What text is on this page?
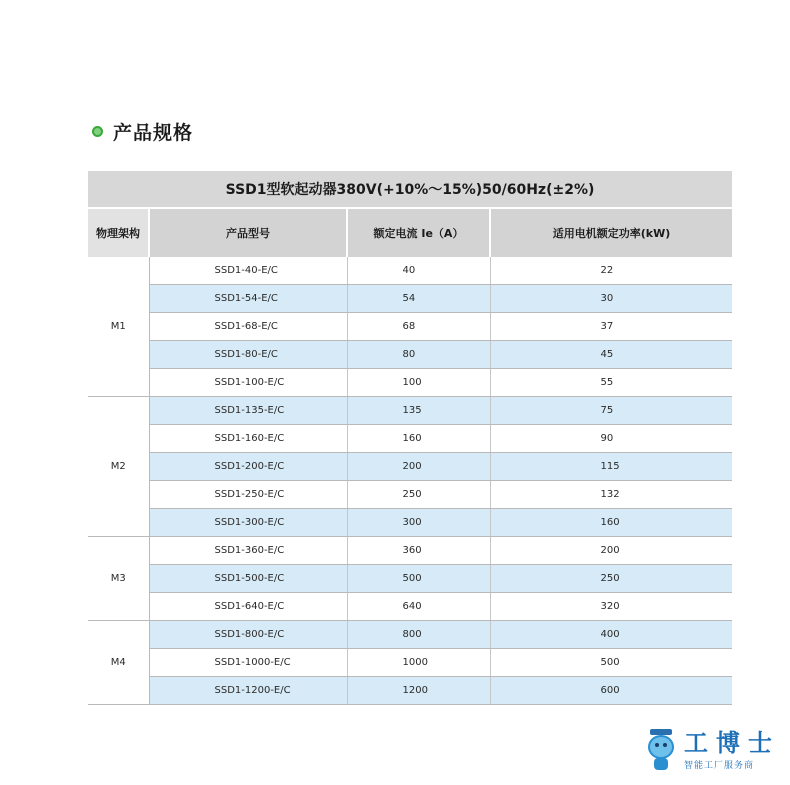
产品规格
SSD1型软起动器380V(+10%～15%)50/60Hz(±2%)			
物理架构	产品型号	额定电流 Ie（A）	适用电机额定功率(kW)
M1	SSD1-40-E/C	40	22
	SSD1-54-E/C	54	30
	SSD1-68-E/C	68	37
	SSD1-80-E/C	80	45
	SSD1-100-E/C	100	55
M2	SSD1-135-E/C	135	75
	SSD1-160-E/C	160	90
	SSD1-200-E/C	200	115
	SSD1-250-E/C	250	132
	SSD1-300-E/C	300	160
M3	SSD1-360-E/C	360	200
	SSD1-500-E/C	500	250
	SSD1-640-E/C	640	320
M4	SSD1-800-E/C	800	400
	SSD1-1000-E/C	1000	500
	SSD1-1200-E/C	1200	600
工博士
智能工厂服务商
